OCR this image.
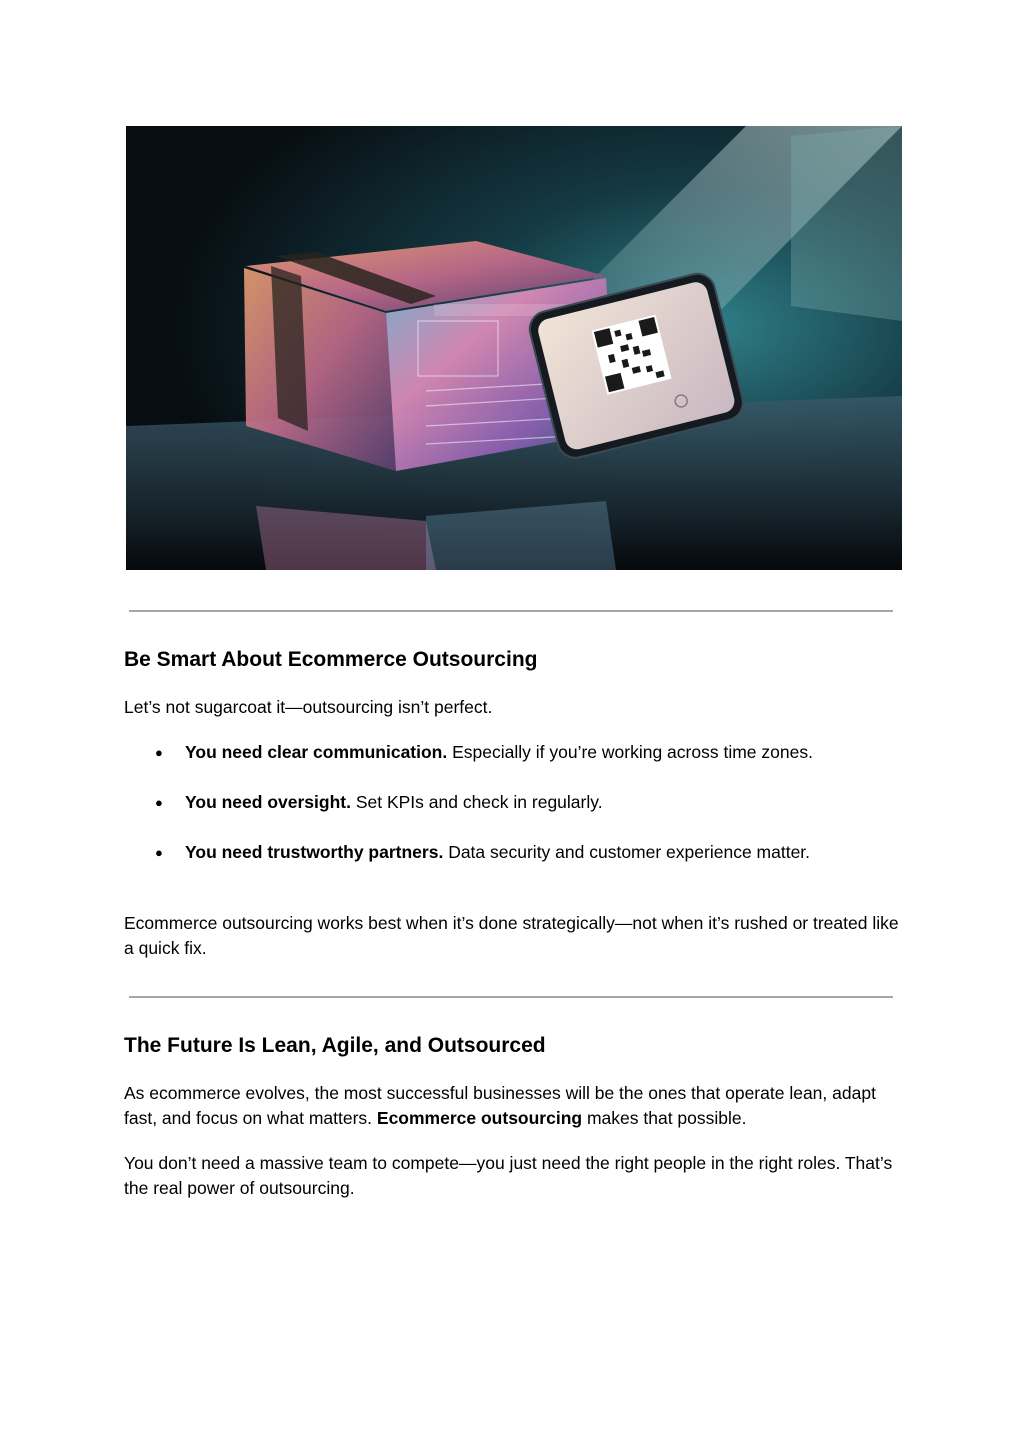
Be Smart About Ecommerce Outsourcing

Let’s not sugarcoat it—outsourcing isn’t perfect.

● You need clear communication. Especially if you’re working across time zones.
● You need oversight. Set KPIs and check in regularly.
● You need trustworthy partners. Data security and customer experience matter.

Ecommerce outsourcing works best when it’s done strategically—not when it’s rushed or treated like a quick fix.

The Future Is Lean, Agile, and Outsourced

As ecommerce evolves, the most successful businesses will be the ones that operate lean, adapt fast, and focus on what matters. Ecommerce outsourcing makes that possible.

You don’t need a massive team to compete—you just need the right people in the right roles. That’s the real power of outsourcing.
